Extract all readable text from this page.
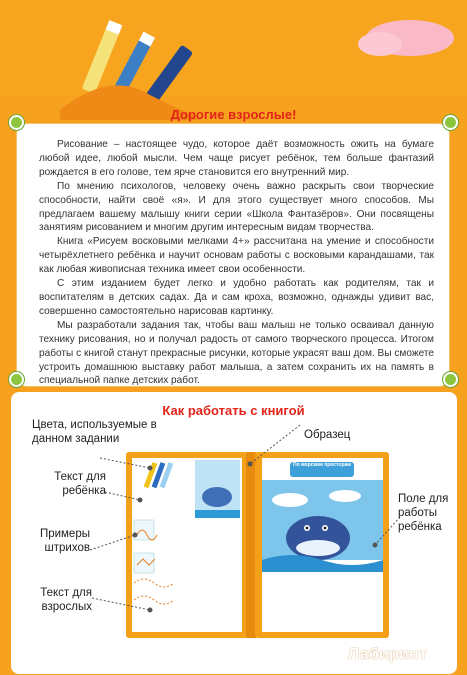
Дорогие взрослые!

Рисование – настоящее чудо, которое даёт возможность ожить на бумаге любой идее, любой мысли. Чем чаще рисует ребёнок, тем больше фантазий рождается в его голове, тем ярче становится его внутренний мир.

По мнению психологов, человеку очень важно раскрыть свои творческие способности, найти своё «я». И для этого существует много способов. Мы предлагаем вашему малышу книги серии «Школа Фантазёров». Они посвящены занятиям рисованием и многим другим интересным видам творчества.

Книга «Рисуем восковыми мелками 4+» рассчитана на умение и способности четырёхлетнего ребёнка и научит основам работы с восковыми карандашами, так как любая живописная техника имеет свои особенности.

С этим изданием будет легко и удобно работать как родителям, так и воспитателям в детских садах. Да и сам кроха, возможно, однажды удивит вас, совершенно самостоятельно нарисовав картинку.

Мы разработали задания так, чтобы ваш малыш не только осваивал данную технику рисования, но и получал радость от самого творческого процесса. Итогом работы с книгой станут прекрасные рисунки, которые украсят ваш дом. Вы сможете устроить домашнюю выставку работ малыша, а затем сохранить их на память в специальной папке детских работ.

Как работать с книгой
По морским просторам
Цвета, используемые в данном задании	Образец
Текст для ребёнка
Поле для работы ребёнка
Примеры штрихов
Текст для взрослых
Лабиринт
